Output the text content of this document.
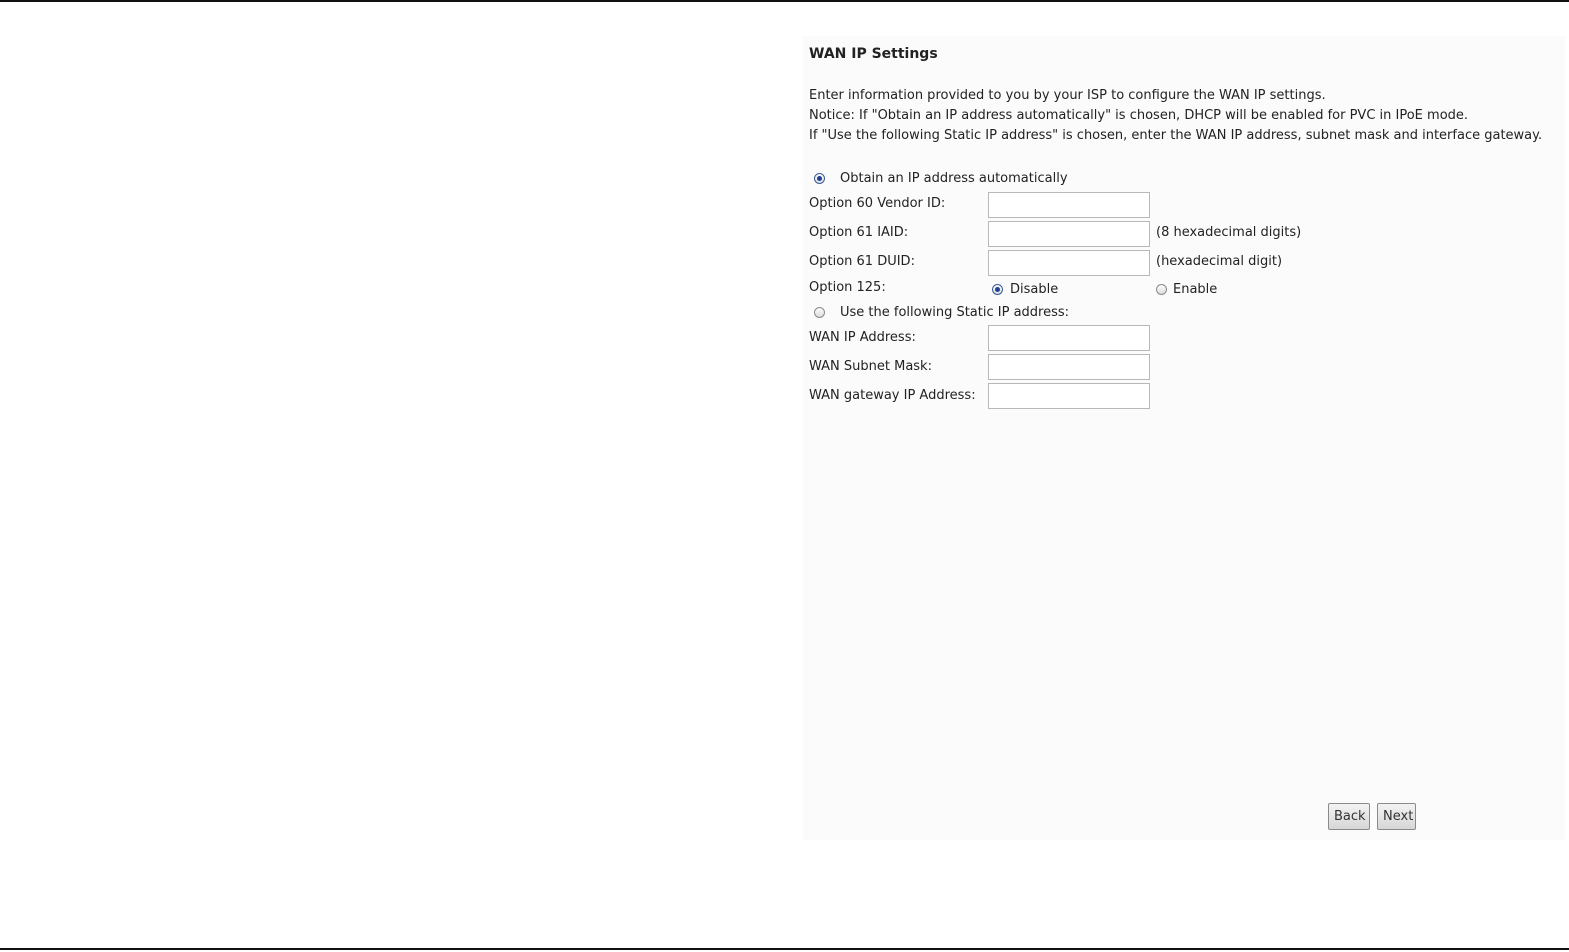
WAN IP Settings
Enter information provided to you by your ISP to configure the WAN IP settings.
Notice: If "Obtain an IP address automatically" is chosen, DHCP will be enabled for PVC in IPoE mode.
If "Use the following Static IP address" is chosen, enter the WAN IP address, subnet mask and interface gateway.
Obtain an IP address automatically
Option 60 Vendor ID:
Option 61 IAID:	(8 hexadecimal digits)
Option 61 DUID:	(hexadecimal digit)
Option 125:	Disable	Enable
Use the following Static IP address:
WAN IP Address:
WAN Subnet Mask:
WAN gateway IP Address:
Back	Next
